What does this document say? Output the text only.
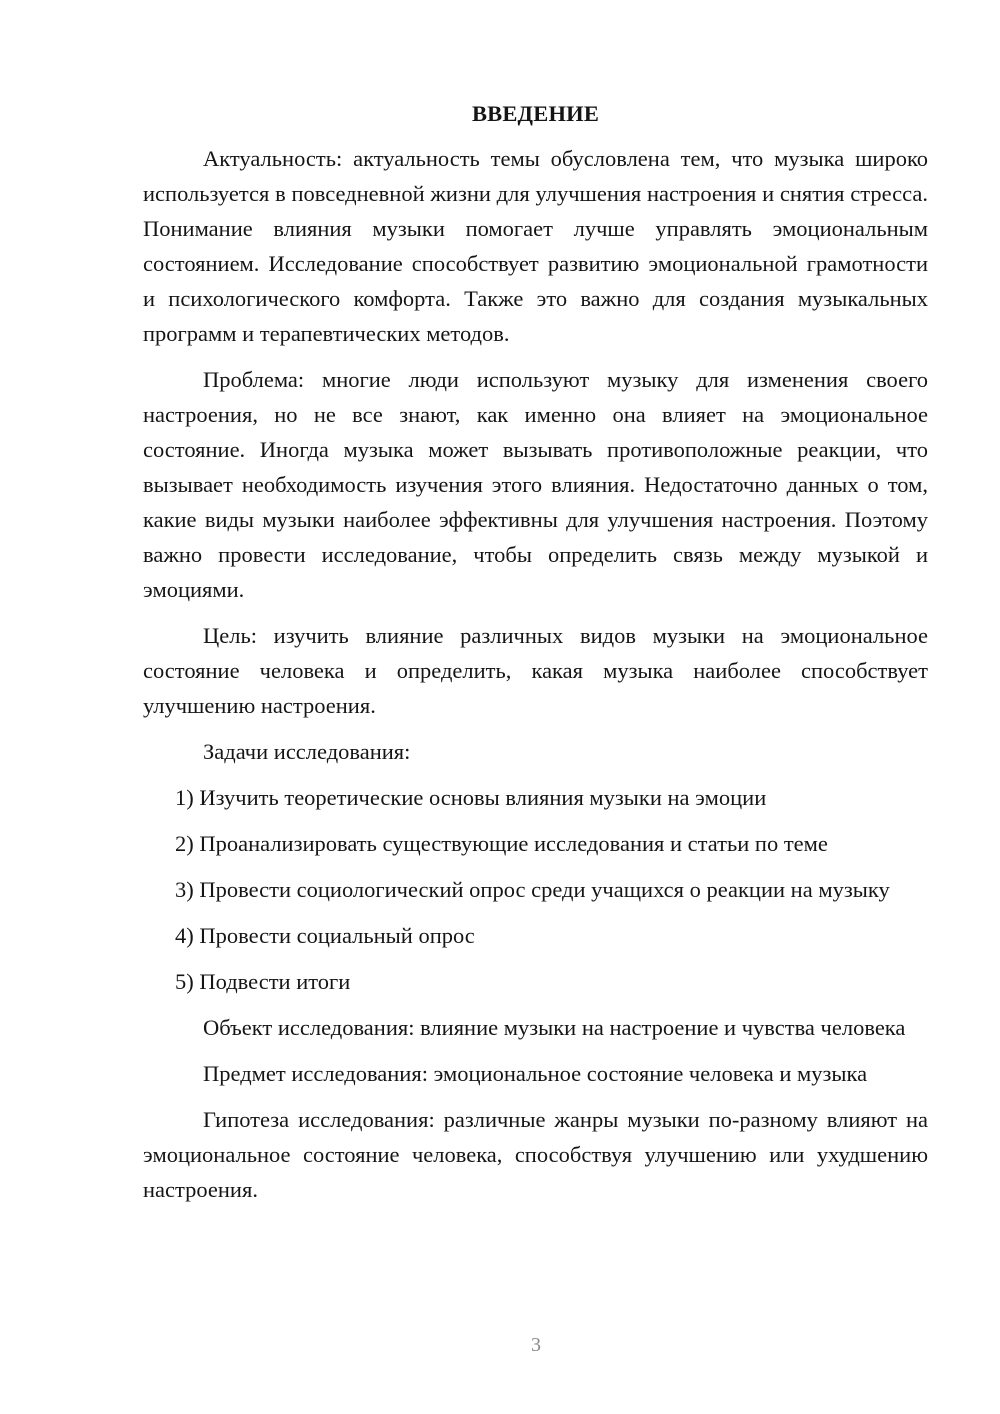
ВВЕДЕНИЕ

Актуальность: актуальность темы обусловлена тем, что музыка широко используется в повседневной жизни для улучшения настроения и снятия стресса. Понимание влияния музыки помогает лучше управлять эмоциональным состоянием. Исследование способствует развитию эмоциональной грамотности и психологического комфорта. Также это важно для создания музыкальных программ и терапевтических методов.

Проблема: многие люди используют музыку для изменения своего настроения, но не все знают, как именно она влияет на эмоциональное состояние. Иногда музыка может вызывать противоположные реакции, что вызывает необходимость изучения этого влияния. Недостаточно данных о том, какие виды музыки наиболее эффективны для улучшения настроения. Поэтому важно провести исследование, чтобы определить связь между музыкой и эмоциями.

Цель: изучить влияние различных видов музыки на эмоциональное состояние человека и определить, какая музыка наиболее способствует улучшению настроения.

Задачи исследования:

1) Изучить теоретические основы влияния музыки на эмоции

2) Проанализировать существующие исследования и статьи по теме

3) Провести социологический опрос среди учащихся о реакции на музыку

4) Провести социальный опрос

5) Подвести итоги

Объект исследования: влияние музыки на настроение и чувства человека

Предмет исследования: эмоциональное состояние человека и музыка

Гипотеза исследования: различные жанры музыки по-разному влияют на эмоциональное состояние человека, способствуя улучшению или ухудшению настроения.

3
